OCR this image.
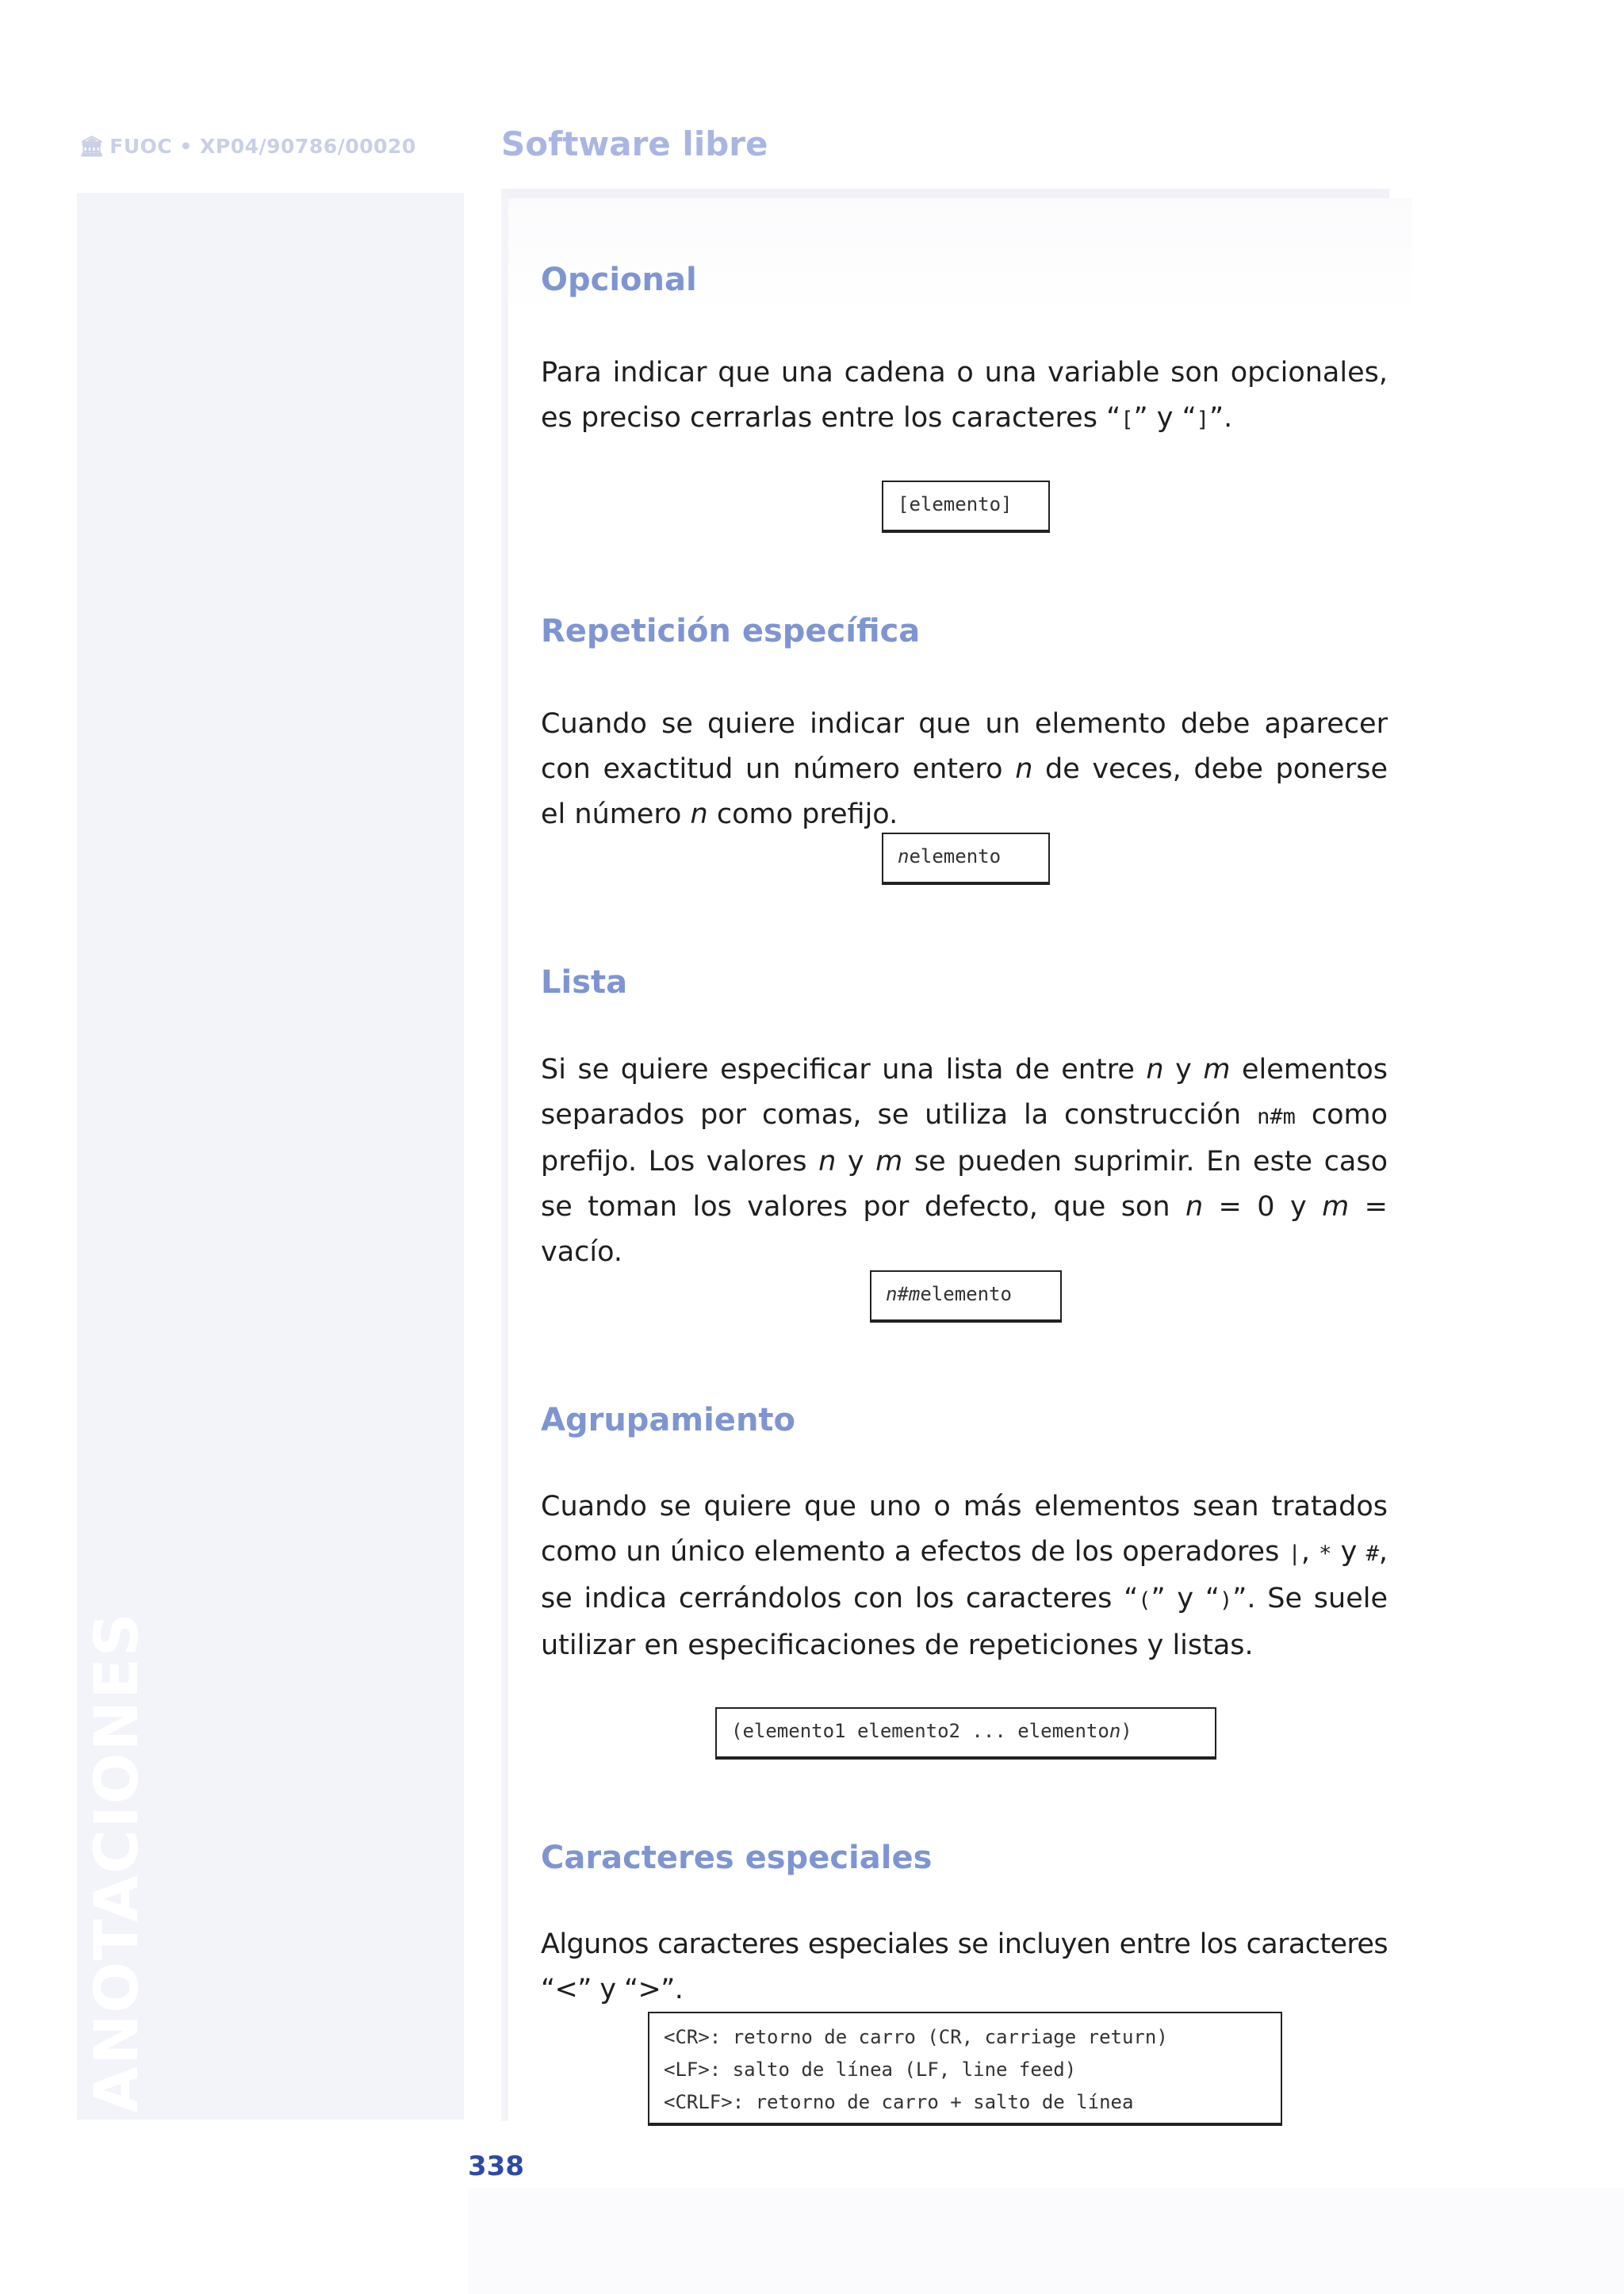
ANOTACIONES
🏛 FUOC • XP04/90786/00020	Software libre
Opcional

Para indicar que una cadena o una variable son opcionales, es preciso cerrarlas entre los caracteres “[” y “]”.

[elemento]
Repetición específica

Cuando se quiere indicar que un elemento debe aparecer con exactitud un número entero n de veces, debe ponerse el número n como prefijo.

nelemento
Lista

Si se quiere especificar una lista de entre n y m elementos separados por comas, se utiliza la construcción n#m como prefijo. Los valores n y m se pueden suprimir. En este caso se toman los valores por defecto, que son n = 0 y m = vacío.

n#melemento
Agrupamiento

Cuando se quiere que uno o más elementos sean tratados como un único elemento a efectos de los operadores |, * y #, se indica cerrándolos con los caracteres “(” y “)”. Se suele utilizar en especificaciones de repeticiones y listas.

(elemento1 elemento2 ... elementon)
Caracteres especiales

Algunos caracteres especiales se incluyen entre los caracteres “<” y “>”.

<CR>: retorno de carro (CR, carriage return)
<LF>: salto de línea (LF, line feed)
<CRLF>: retorno de carro + salto de línea
338
